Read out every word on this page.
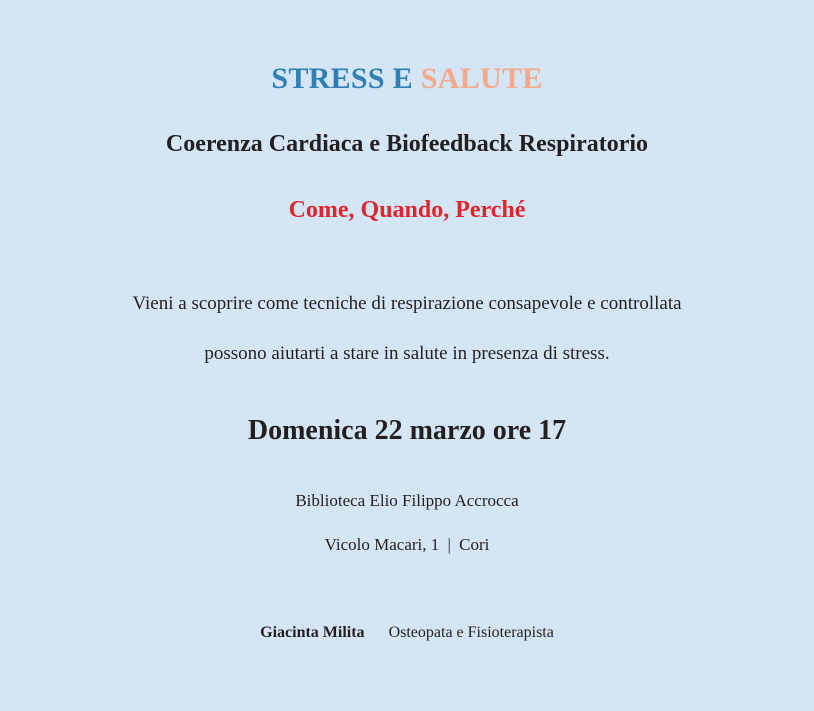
STRESS E SALUTE
Coerenza Cardiaca e Biofeedback Respiratorio
Come, Quando, Perché
Vieni a scoprire come tecniche di respirazione consapevole e controllata
possono aiutarti a stare in salute in presenza di stress.
Domenica 22 marzo ore 17
Biblioteca Elio Filippo Accrocca
Vicolo Macari, 1 | Cori
Giacinta Milita Osteopata e Fisioterapista
